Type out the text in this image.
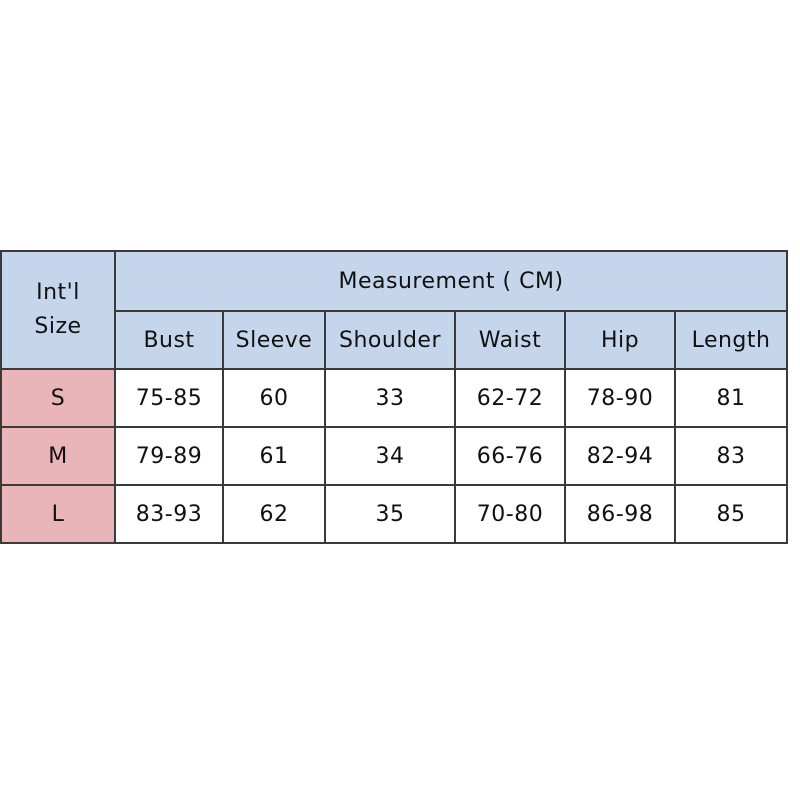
Int'l
Size	Measurement ( CM)					
	Bust	Sleeve	Shoulder	Waist	Hip	Length
S	75-85	60	33	62-72	78-90	81
M	79-89	61	34	66-76	82-94	83
L	83-93	62	35	70-80	86-98	85
